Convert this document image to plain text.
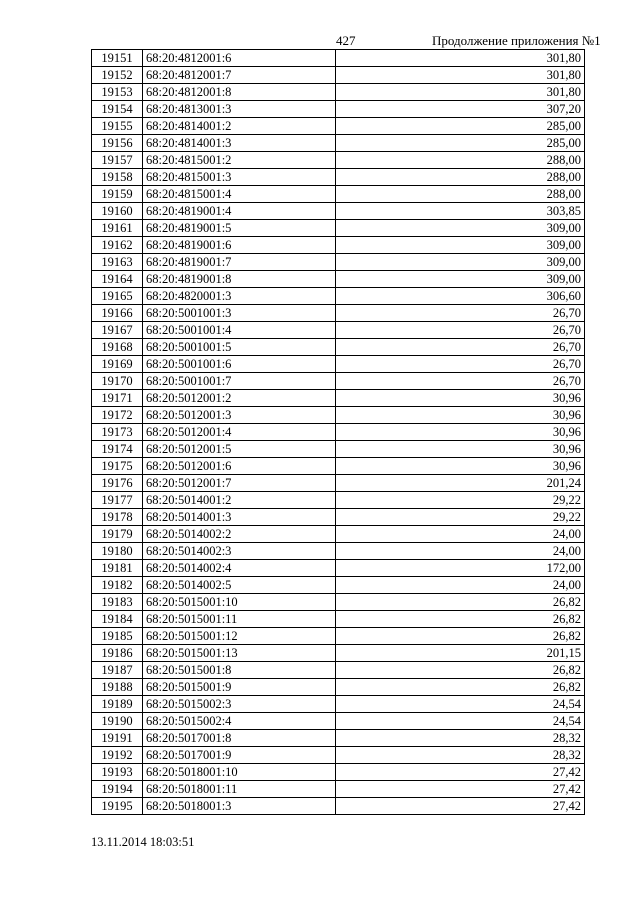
427	Продолжение приложения №1
19151	68:20:4812001:6	301,80
19152	68:20:4812001:7	301,80
19153	68:20:4812001:8	301,80
19154	68:20:4813001:3	307,20
19155	68:20:4814001:2	285,00
19156	68:20:4814001:3	285,00
19157	68:20:4815001:2	288,00
19158	68:20:4815001:3	288,00
19159	68:20:4815001:4	288,00
19160	68:20:4819001:4	303,85
19161	68:20:4819001:5	309,00
19162	68:20:4819001:6	309,00
19163	68:20:4819001:7	309,00
19164	68:20:4819001:8	309,00
19165	68:20:4820001:3	306,60
19166	68:20:5001001:3	26,70
19167	68:20:5001001:4	26,70
19168	68:20:5001001:5	26,70
19169	68:20:5001001:6	26,70
19170	68:20:5001001:7	26,70
19171	68:20:5012001:2	30,96
19172	68:20:5012001:3	30,96
19173	68:20:5012001:4	30,96
19174	68:20:5012001:5	30,96
19175	68:20:5012001:6	30,96
19176	68:20:5012001:7	201,24
19177	68:20:5014001:2	29,22
19178	68:20:5014001:3	29,22
19179	68:20:5014002:2	24,00
19180	68:20:5014002:3	24,00
19181	68:20:5014002:4	172,00
19182	68:20:5014002:5	24,00
19183	68:20:5015001:10	26,82
19184	68:20:5015001:11	26,82
19185	68:20:5015001:12	26,82
19186	68:20:5015001:13	201,15
19187	68:20:5015001:8	26,82
19188	68:20:5015001:9	26,82
19189	68:20:5015002:3	24,54
19190	68:20:5015002:4	24,54
19191	68:20:5017001:8	28,32
19192	68:20:5017001:9	28,32
19193	68:20:5018001:10	27,42
19194	68:20:5018001:11	27,42
19195	68:20:5018001:3	27,42
13.11.2014 18:03:51
